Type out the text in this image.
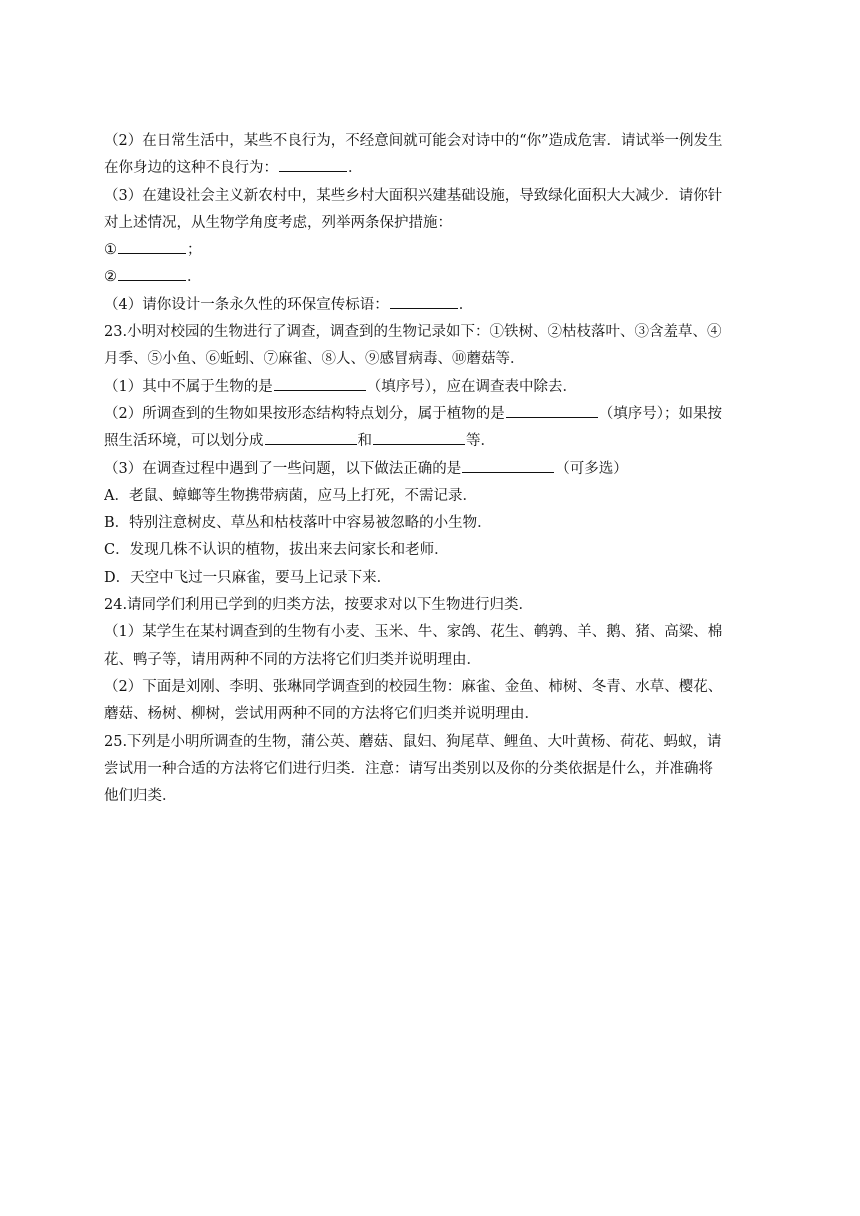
（2）在日常生活中，某些不良行为，不经意间就可能会对诗中的“你”造成危害．请试举一例发生
在你身边的这种不良行为：	．
（3）在建设社会主义新农村中，某些乡村大面积兴建基础设施，导致绿化面积大大减少．请你针
对上述情况，从生物学角度考虑，列举两条保护措施：
①	；
②	．
（4）请你设计一条永久性的环保宣传标语：	．
23.小明对校园的生物进行了调查，调查到的生物记录如下：①铁树、②枯枝落叶、③含羞草、④
月季、⑤小鱼、⑥蚯蚓、⑦麻雀、⑧人、⑨感冒病毒、⑩蘑菇等．
（1）其中不属于生物的是	（填序号），应在调查表中除去．
（2）所调查到的生物如果按形态结构特点划分，属于植物的是	（填序号）；如果按
照生活环境，可以划分成	和	等．
（3）在调查过程中遇到了一些问题，以下做法正确的是	（可多选）
A．老鼠、蟑螂等生物携带病菌，应马上打死，不需记录．
B．特别注意树皮、草丛和枯枝落叶中容易被忽略的小生物．
C．发现几株不认识的植物，拔出来去问家长和老师．
D．天空中飞过一只麻雀，要马上记录下来．
24.请同学们利用已学到的归类方法，按要求对以下生物进行归类．
（1）某学生在某村调查到的生物有小麦、玉米、牛、家鸽、花生、鹌鹑、羊、鹅、猪、高粱、棉
花、鸭子等，请用两种不同的方法将它们归类并说明理由．
（2）下面是刘刚、李明、张琳同学调查到的校园生物：麻雀、金鱼、柿树、冬青、水草、樱花、
蘑菇、杨树、柳树，尝试用两种不同的方法将它们归类并说明理由．
25.下列是小明所调查的生物，蒲公英、蘑菇、鼠妇、狗尾草、鲤鱼、大叶黄杨、荷花、蚂蚁，请
尝试用一种合适的方法将它们进行归类．注意：请写出类别以及你的分类依据是什么，并准确将
他们归类．
